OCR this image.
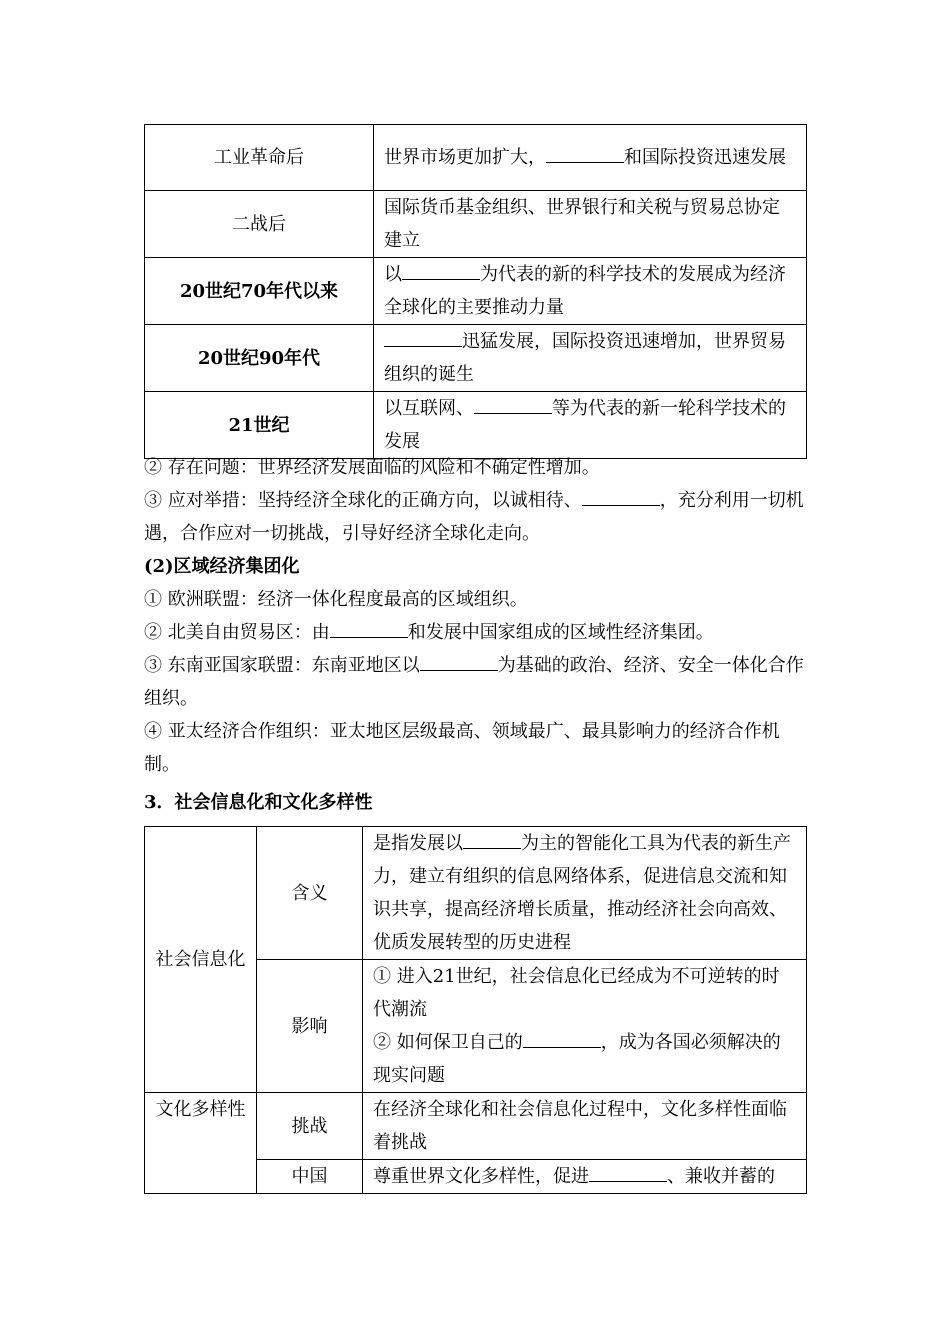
工业革命后	世界市场更加扩大， 和国际投资迅速发展
二战后	国际货币基金组织、世界银行和关税与贸易总协定建立
20世纪70年代以来	以 为代表的新的科学技术的发展成为经济全球化的主要推动力量
20世纪90年代	迅猛发展，国际投资迅速增加，世界贸易组织的诞生
21世纪	以互联网、 等为代表的新一轮科学技术的发展
② 存在问题：世界经济发展面临的风险和不确定性增加。
③ 应对举措：坚持经济全球化的正确方向，以诚相待、	，充分利用一切机遇，合作应对一切挑战，引导好经济全球化走向。
(2)区域经济集团化
① 欧洲联盟：经济一体化程度最高的区域组织。
② 北美自由贸易区：由	和发展中国家组成的区域性经济集团。
③ 东南亚国家联盟：东南亚地区以	为基础的政治、经济、安全一体化合作组织。
④ 亚太经济合作组织：亚太地区层级最高、领域最广、最具影响力的经济合作机制。
3．社会信息化和文化多样性
社会信息化	含义	是指发展以 为主的智能化工具为代表的新生产力，建立有组织的信息网络体系，促进信息交流和知识共享，提高经济增长质量，推动经济社会向高效、优质发展转型的历史进程
	影响	① 进入21世纪，社会信息化已经成为不可逆转的时代潮流
② 如何保卫自己的 ，成为各国必须解决的现实问题

文化多样性	挑战	在经济全球化和社会信息化过程中，文化多样性面临着挑战
	中国	尊重世界文化多样性，促进 、兼收并蓄的
